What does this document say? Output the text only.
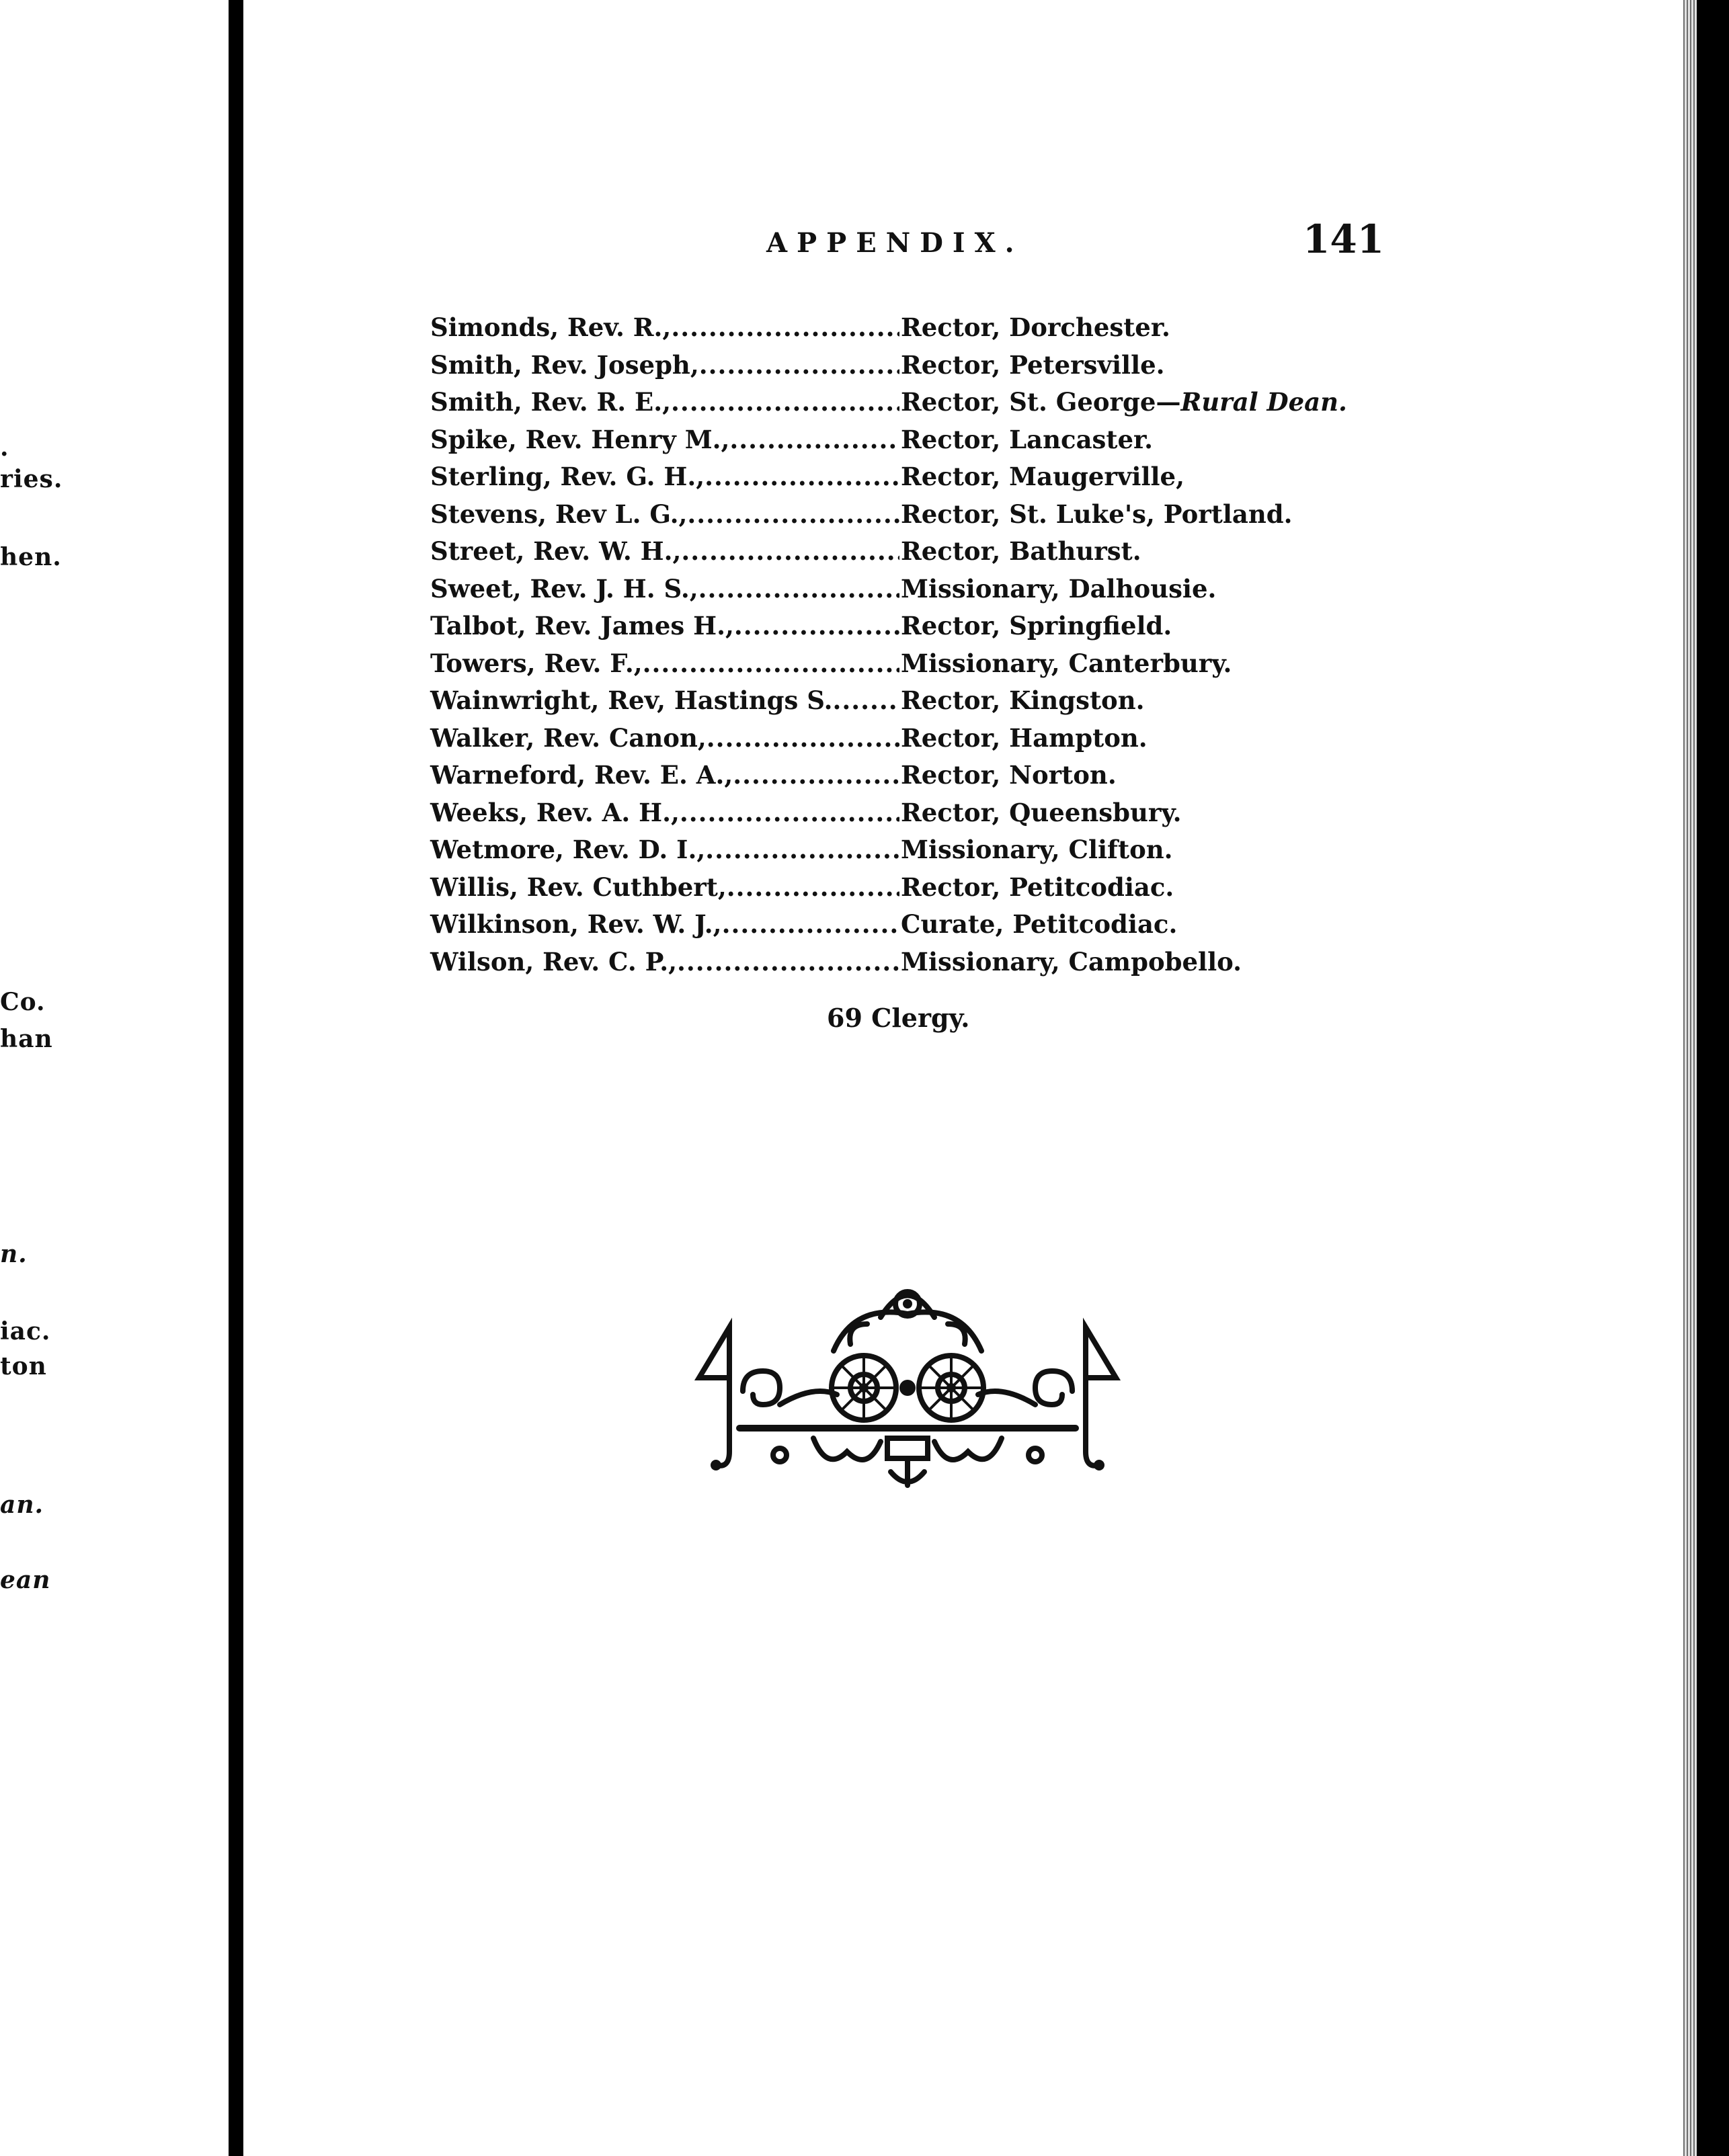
.
ries.
hen.
Co.
han
n.
iac.
ton
an.
ean
APPENDIX.	141
Simonds, Rev. R., .....	Rector, Dorchester.
Smith, Rev. Joseph, .....	Rector, Petersville.
Smith, Rev. R. E., .....	Rector, St. George—Rural Dean.
Spike, Rev. Henry M., .....	Rector, Lancaster.
Sterling, Rev. G. H., .....	Rector, Maugerville,
Stevens, Rev L. G., .....	Rector, St. Luke's, Portland.
Street, Rev. W. H., .....	Rector, Bathurst.
Sweet, Rev. J. H. S., .....	Missionary, Dalhousie.
Talbot, Rev. James H., .....	Rector, Springfield.
Towers, Rev. F., .....	Missionary, Canterbury.
Wainwright, Rev, Hastings S. .....	Rector, Kingston.
Walker, Rev. Canon, .....	Rector, Hampton.
Warneford, Rev. E. A., .....	Rector, Norton.
Weeks, Rev. A. H., .....	Rector, Queensbury.
Wetmore, Rev. D. I., .....	Missionary, Clifton.
Willis, Rev. Cuthbert, .....	Rector, Petitcodiac.
Wilkinson, Rev. W. J., .....	Curate, Petitcodiac.
Wilson, Rev. C. P., .....	Missionary, Campobello.
69 Clergy.
